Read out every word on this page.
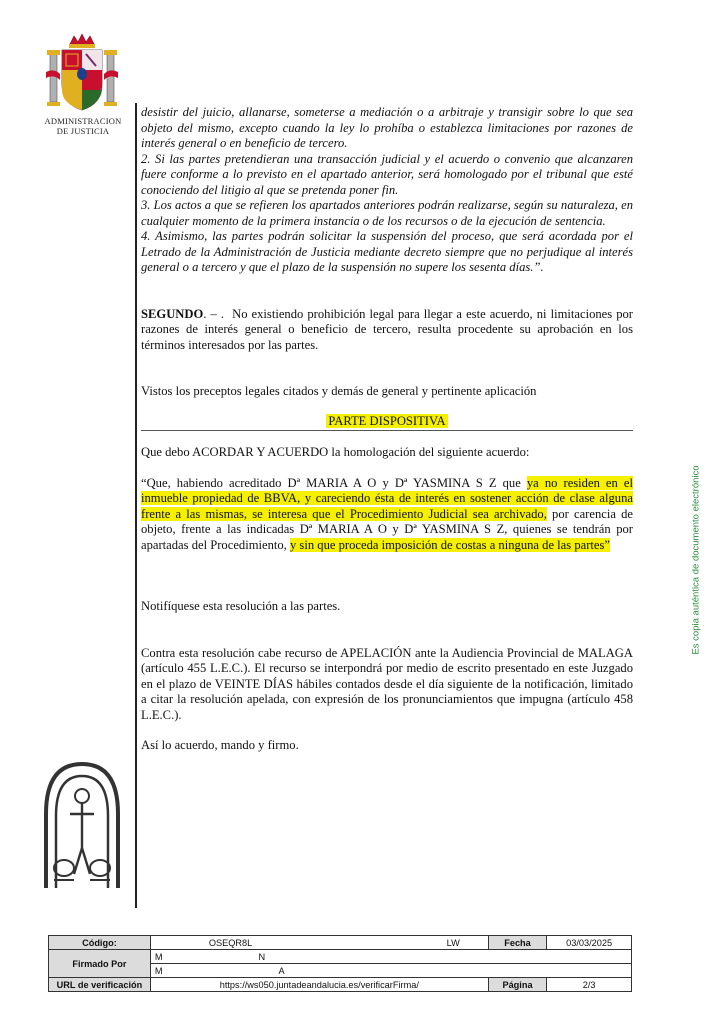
ADMINISTRACION
DE JUSTICIA
Es copia auténtica de documento electrónico

desistir del juicio, allanarse, someterse a mediación o a arbitraje y transigir sobre lo que sea objeto del mismo, excepto cuando la ley lo prohíba o establezca limitaciones por razones de interés general o en beneficio de tercero.

2. Si las partes pretendieran una transacción judicial y el acuerdo o convenio que alcanzaren fuere conforme a lo previsto en el apartado anterior, será homologado por el tribunal que esté conociendo del litigio al que se pretenda poner fin.

3. Los actos a que se refieren los apartados anteriores podrán realizarse, según su naturaleza, en cualquier momento de la primera instancia o de los recursos o de la ejecución de sentencia.

4. Asimismo, las partes podrán solicitar la suspensión del proceso, que será acordada por el Letrado de la Administración de Justicia mediante decreto siempre que no perjudique al interés general o a tercero y que el plazo de la suspensión no supere los sesenta días.”.

SEGUNDO. – . No existiendo prohibición legal para llegar a este acuerdo, ni limitaciones por razones de interés general o beneficio de tercero, resulta procedente su aprobación en los términos interesados por las partes.

Vistos los preceptos legales citados y demás de general y pertinente aplicación

PARTE DISPOSITIVA

Que debo ACORDAR Y ACUERDO la homologación del siguiente acuerdo:

“Que, habiendo acreditado Dª MARIA A O y Dª YASMINA S Z que ya no residen en el inmueble propiedad de BBVA, y careciendo ésta de interés en sostener acción de clase alguna frente a las mismas, se interesa que el Procedimiento Judicial sea archivado, por carencia de objeto, frente a las indicadas Dª MARIA A O y Dª YASMINA S Z, quienes se tendrán por apartadas del Procedimiento, y sin que proceda imposición de costas a ninguna de las partes”

Notifíquese esta resolución a las partes.

Contra esta resolución cabe recurso de APELACIÓN ante la Audiencia Provincial de MALAGA (artículo 455 L.E.C.). El recurso se interpondrá por medio de escrito presentado en este Juzgado en el plazo de VEINTE DÍAS hábiles contados desde el día siguiente de la notificación, limitado a citar la resolución apelada, con expresión de los pronunciamientos que impugna (artículo 458 L.E.C.).

Así lo acuerdo, mando y firmo.

Código:	OSEQR8L LW	Fecha	03/03/2025
Firmado Por	M N		
	M A		
URL de verificación	https://ws050.juntadeandalucia.es/verificarFirma/	Página	2/3
